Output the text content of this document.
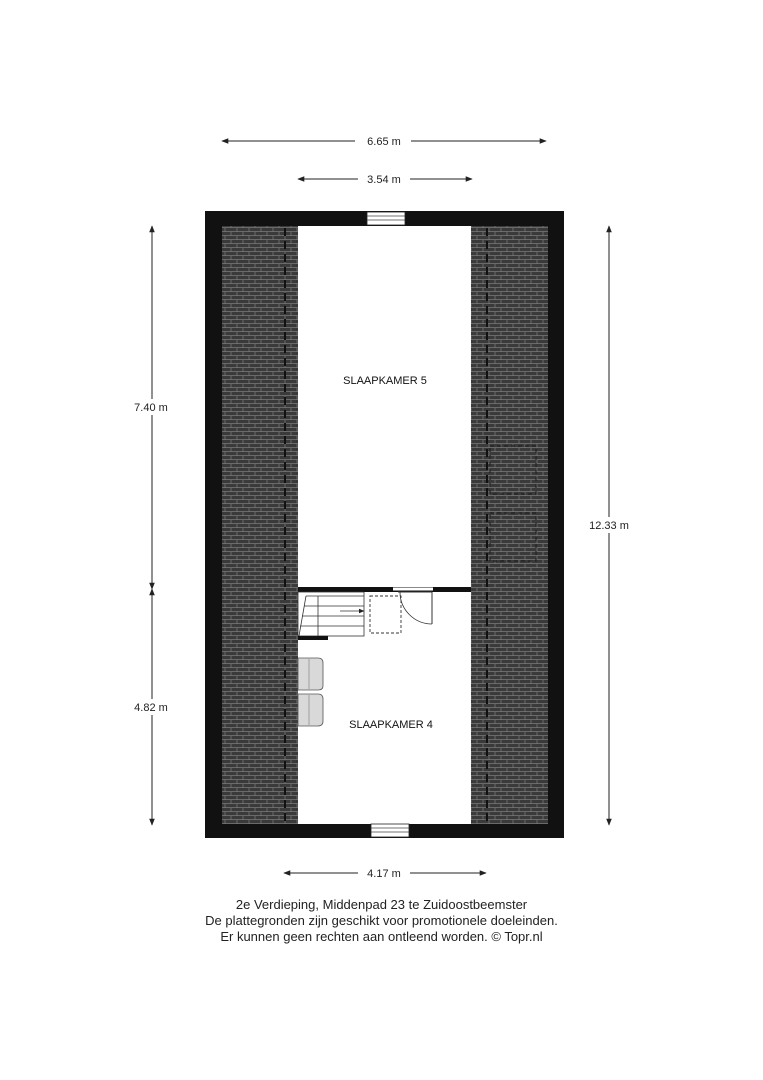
6.65 m
3.54 m
7.40 m
4.82 m
12.33 m
4.17 m
SLAAPKAMER 5
SLAAPKAMER 4
2e Verdieping, Middenpad 23 te Zuidoostbeemster
De plattegronden zijn geschikt voor promotionele doeleinden.
Er kunnen geen rechten aan ontleend worden. © Topr.nl
